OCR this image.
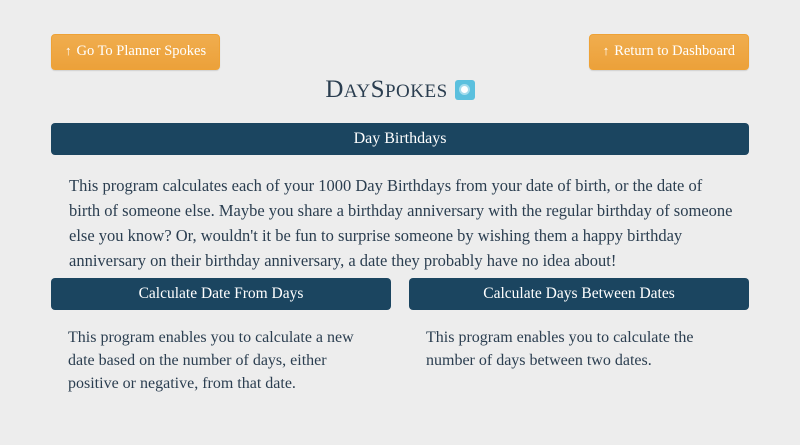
↑ Go To Planner Spokes	↑ Return to Dashboard
DAYSPOKES
Day Birthdays
This program calculates each of your 1000 Day Birthdays from your date of birth, or the date of birth of someone else. Maybe you share a birthday anniversary with the regular birthday of someone else you know? Or, wouldn't it be fun to surprise someone by wishing them a happy birthday anniversary on their birthday anniversary, a date they probably have no idea about!
Calculate Date From Days	Calculate Days Between Dates
This program enables you to calculate a new date based on the number of days, either positive or negative, from that date.
This program enables you to calculate the number of days between two dates.
